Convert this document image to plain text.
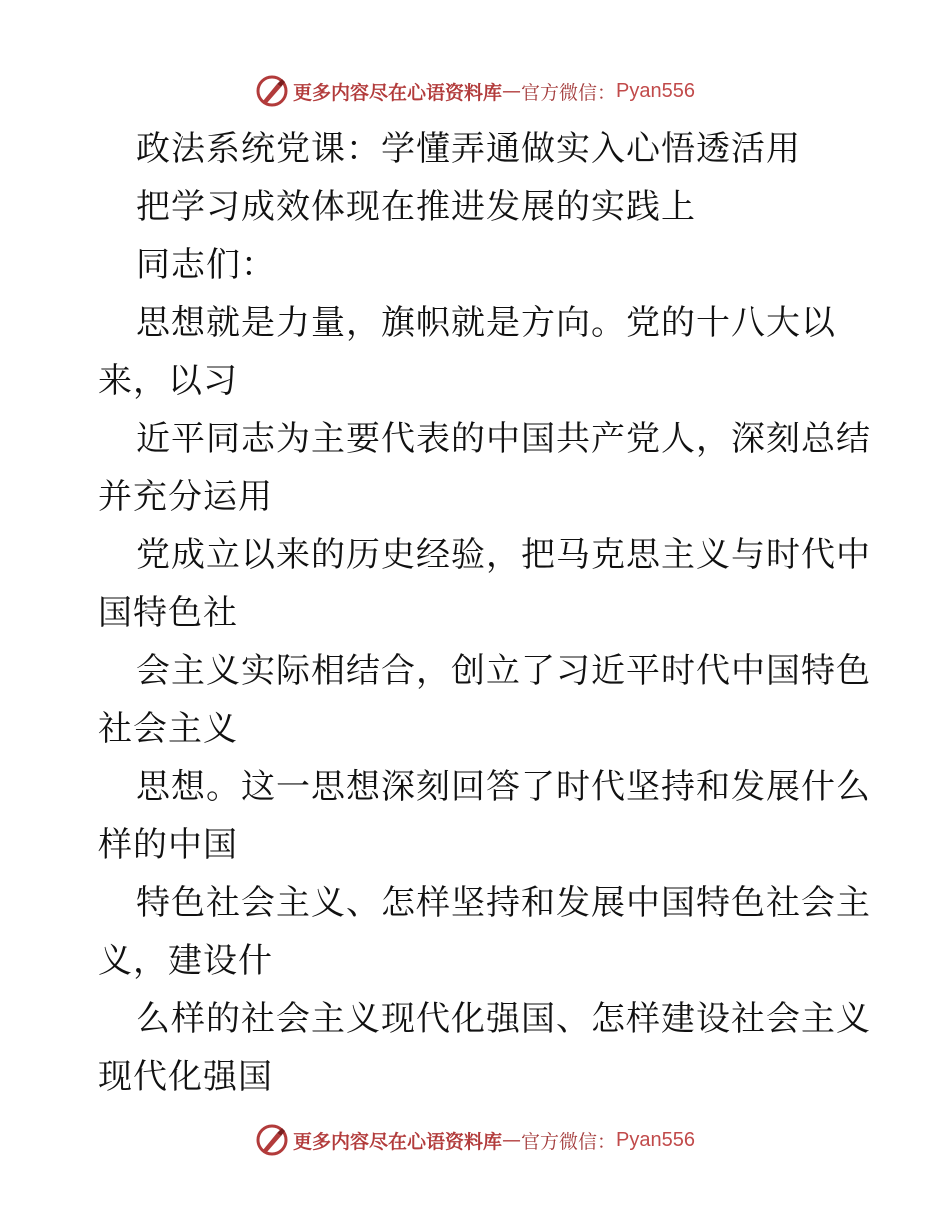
更多内容尽在心语资料库 — 官方微信： Pyan556
政法系统党课：学懂弄通做实入心悟透活用
把学习成效体现在推进发展的实践上
同志们：
思想就是力量，旗帜就是方向。党的十八大以
来，以习
近平同志为主要代表的中国共产党人，深刻总结
并充分运用
党成立以来的历史经验，把马克思主义与时代中
国特色社
会主义实际相结合，创立了习近平时代中国特色
社会主义
思想。这一思想深刻回答了时代坚持和发展什么
样的中国
特色社会主义、怎样坚持和发展中国特色社会主
义，建设什
么样的社会主义现代化强国、怎样建设社会主义
现代化强国
更多内容尽在心语资料库 — 官方微信： Pyan556
